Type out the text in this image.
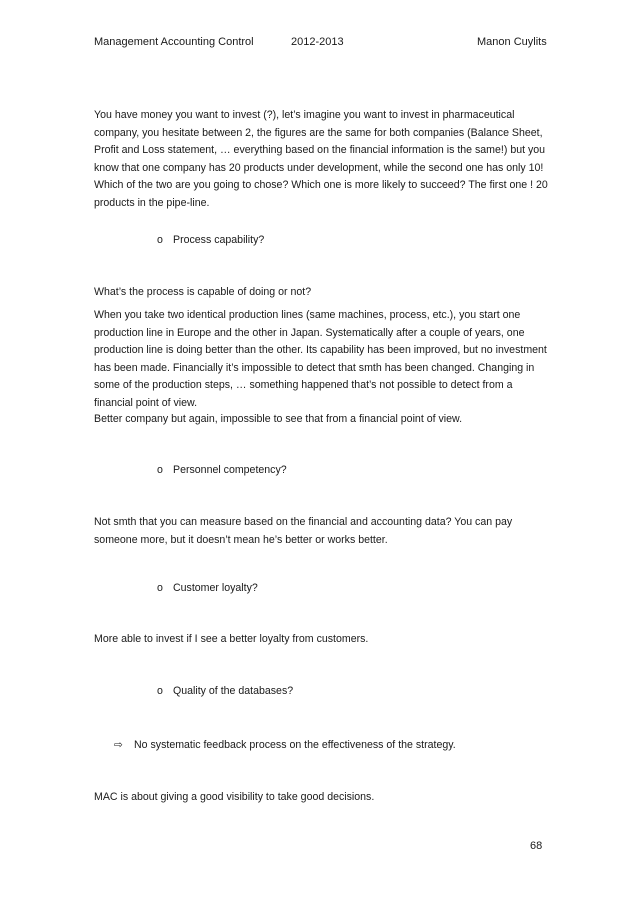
Management Accounting Control	2012-2013	Manon Cuylits

You have money you want to invest (?), let’s imagine you want to invest in pharmaceutical company, you hesitate between 2, the figures are the same for both companies (Balance Sheet, Profit and Loss statement, … everything based on the financial information is the same!) but you know that one company has 20 products under development, while the second one has only 10! Which of the two are you going to chose? Which one is more likely to succeed? The first one ! 20 products in the pipe-line.

o Process capability?

What’s the process is capable of doing or not?

When you take two identical production lines (same machines, process, etc.), you start one production line in Europe and the other in Japan. Systematically after a couple of years, one production line is doing better than the other. Its capability has been improved, but no investment has been made. Financially it’s impossible to detect that smth has been changed. Changing in some of the production steps, … something happened that’s not possible to detect from a financial point of view.

Better company but again, impossible to see that from a financial point of view.

o Personnel competency?

Not smth that you can measure based on the financial and accounting data? You can pay someone more, but it doesn’t mean he’s better or works better.

o Customer loyalty?

More able to invest if I see a better loyalty from customers.

o Quality of the databases?
⇨ No systematic feedback process on the effectiveness of the strategy.

MAC is about giving a good visibility to take good decisions.

68
